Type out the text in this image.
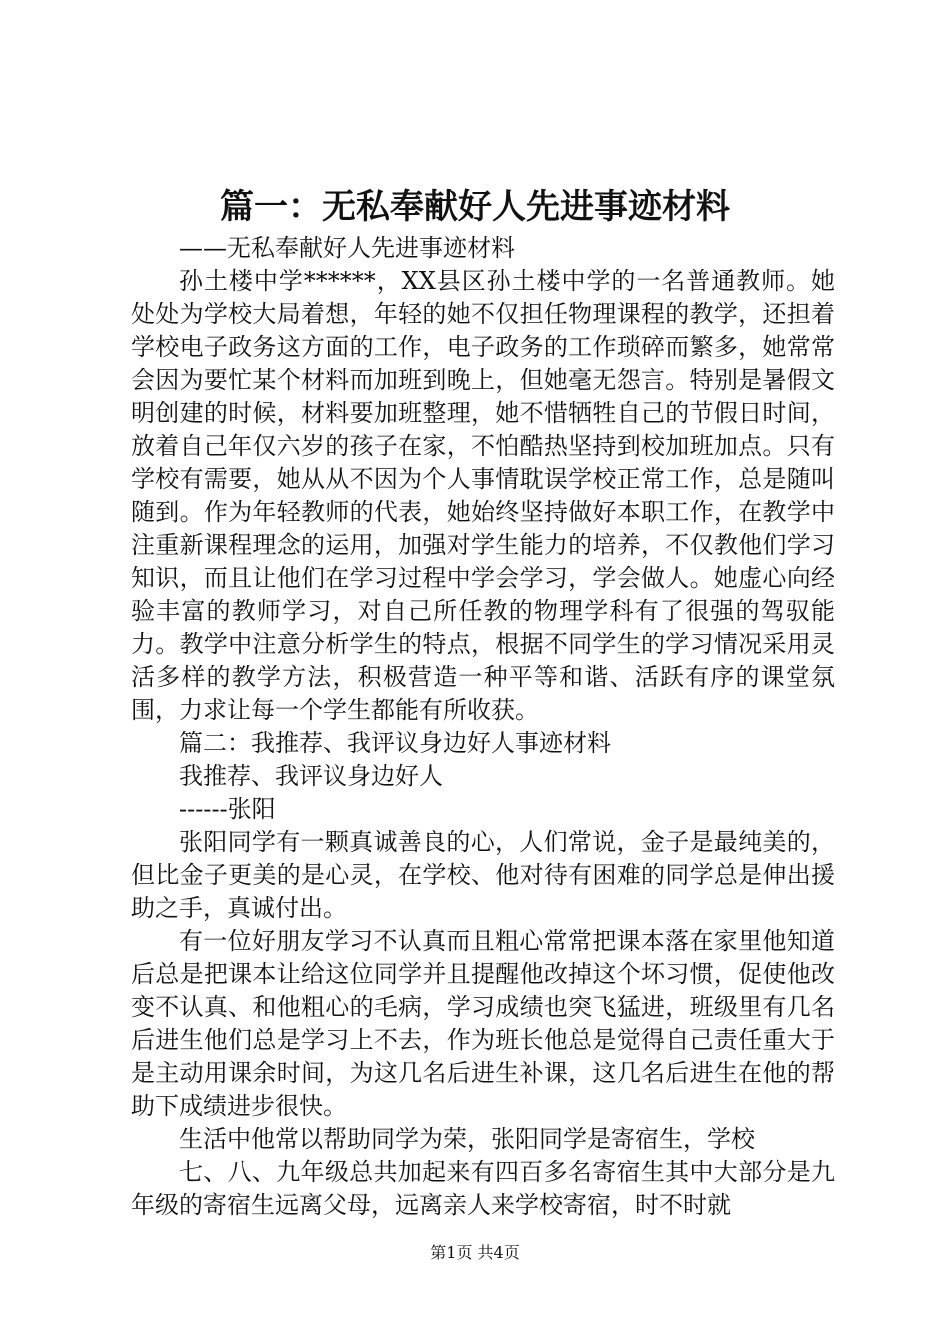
篇一：无私奉献好人先进事迹材料

——无私奉献好人先进事迹材料

孙土楼中学******，XX县区孙土楼中学的一名普通教师。她处处为学校大局着想，年轻的她不仅担任物理课程的教学，还担着学校电子政务这方面的工作，电子政务的工作琐碎而繁多，她常常会因为要忙某个材料而加班到晚上，但她毫无怨言。特别是暑假文明创建的时候，材料要加班整理，她不惜牺牲自己的节假日时间，放着自己年仅六岁的孩子在家，不怕酷热坚持到校加班加点。只有学校有需要，她从从不因为个人事情耽误学校正常工作，总是随叫随到。作为年轻教师的代表，她始终坚持做好本职工作，在教学中注重新课程理念的运用，加强对学生能力的培养，不仅教他们学习知识，而且让他们在学习过程中学会学习，学会做人。她虚心向经验丰富的教师学习，对自己所任教的物理学科有了很强的驾驭能力。教学中注意分析学生的特点，根据不同学生的学习情况采用灵活多样的教学方法，积极营造一种平等和谐、活跃有序的课堂氛围，力求让每一个学生都能有所收获。

篇二：我推荐、我评议身边好人事迹材料

我推荐、我评议身边好人

------张阳

张阳同学有一颗真诚善良的心，人们常说，金子是最纯美的，但比金子更美的是心灵，在学校、他对待有困难的同学总是伸出援助之手，真诚付出。

有一位好朋友学习不认真而且粗心常常把课本落在家里他知道后总是把课本让给这位同学并且提醒他改掉这个坏习惯，促使他改变不认真、和他粗心的毛病，学习成绩也突飞猛进，班级里有几名后进生他们总是学习上不去，作为班长他总是觉得自己责任重大于是主动用课余时间，为这几名后进生补课，这几名后进生在他的帮助下成绩进步很快。

生活中他常以帮助同学为荣，张阳同学是寄宿生，学校

七、八、九年级总共加起来有四百多名寄宿生其中大部分是九年级的寄宿生远离父母，远离亲人来学校寄宿，时不时就

第1页 共4页
